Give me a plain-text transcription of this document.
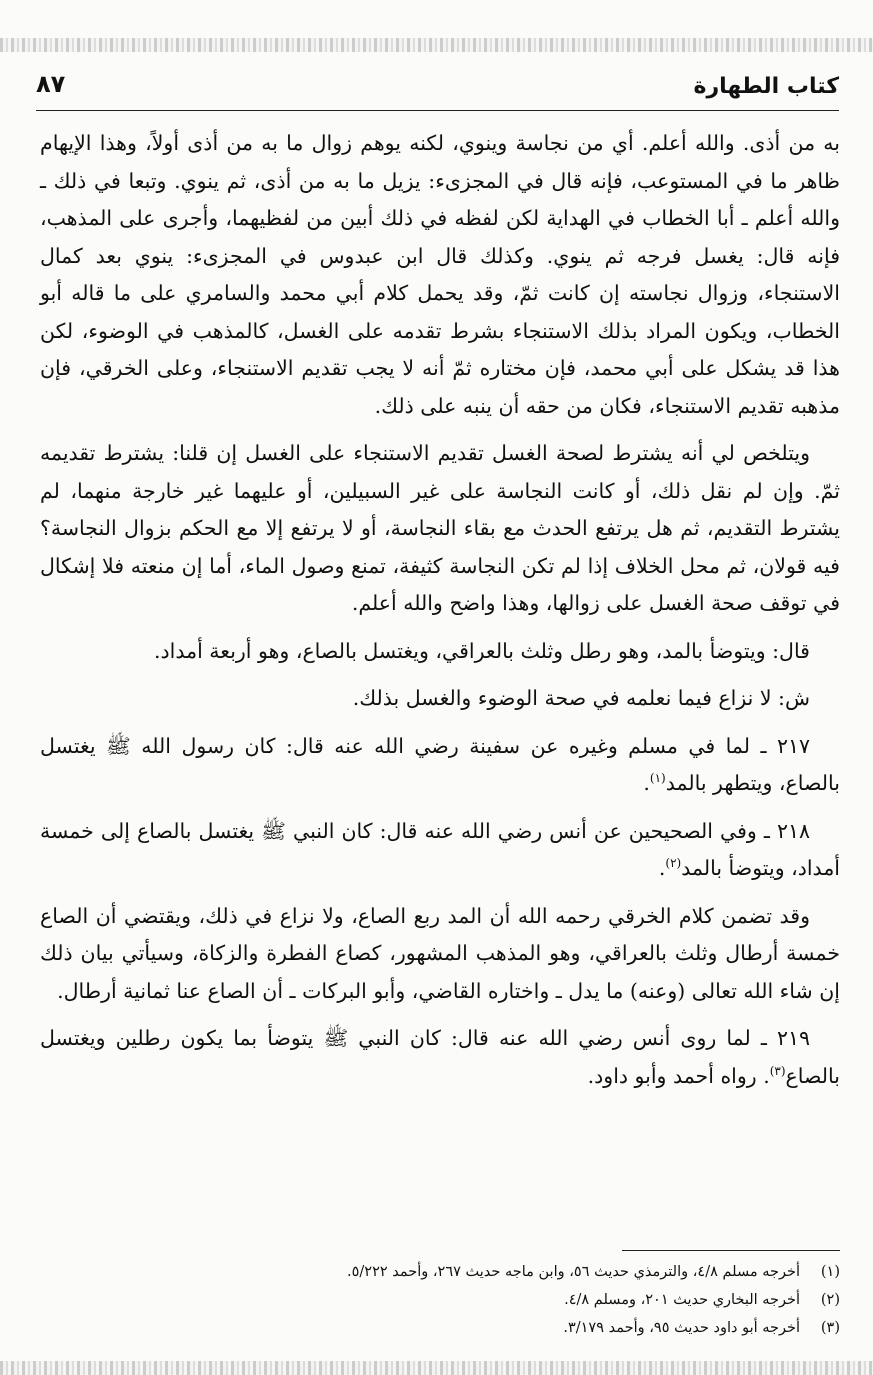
كتاب الطهارة
٨٧

به من أذى. والله أعلم. أي من نجاسة وينوي، لكنه يوهم زوال ما به من أذى أولاً، وهذا الإيهام ظاهر ما في المستوعب، فإنه قال في المجزىء: يزيل ما به من أذى، ثم ينوي. وتبعا في ذلك ـ والله أعلم ـ أبا الخطاب في الهداية لكن لفظه في ذلك أبين من لفظيهما، وأجرى على المذهب، فإنه قال: يغسل فرجه ثم ينوي. وكذلك قال ابن عبدوس في المجزىء: ينوي بعد كمال الاستنجاء، وزوال نجاسته إن كانت ثمّ، وقد يحمل كلام أبي محمد والسامري على ما قاله أبو الخطاب، ويكون المراد بذلك الاستنجاء بشرط تقدمه على الغسل، كالمذهب في الوضوء، لكن هذا قد يشكل على أبي محمد، فإن مختاره ثمّ أنه لا يجب تقديم الاستنجاء، وعلى الخرقي، فإن مذهبه تقديم الاستنجاء، فكان من حقه أن ينبه على ذلك.

ويتلخص لي أنه يشترط لصحة الغسل تقديم الاستنجاء على الغسل إن قلنا: يشترط تقديمه ثمّ. وإن لم نقل ذلك، أو كانت النجاسة على غير السبيلين، أو عليهما غير خارجة منهما، لم يشترط التقديم، ثم هل يرتفع الحدث مع بقاء النجاسة، أو لا يرتفع إلا مع الحكم بزوال النجاسة؟ فيه قولان، ثم محل الخلاف إذا لم تكن النجاسة كثيفة، تمنع وصول الماء، أما إن منعته فلا إشكال في توقف صحة الغسل على زوالها، وهذا واضح والله أعلم.

قال: ويتوضأ بالمد، وهو رطل وثلث بالعراقي، ويغتسل بالصاع، وهو أربعة أمداد.

ش: لا نزاع فيما نعلمه في صحة الوضوء والغسل بذلك.

٢١٧ ـ لما في مسلم وغيره عن سفينة رضي الله عنه قال: كان رسول الله ﷺ يغتسل بالصاع، ويتطهر بالمد$^{(١)}$.

٢١٨ ـ وفي الصحيحين عن أنس رضي الله عنه قال: كان النبي ﷺ يغتسل بالصاع إلى خمسة أمداد، ويتوضأ بالمد$^{(٢)}$.

وقد تضمن كلام الخرقي رحمه الله أن المد ربع الصاع، ولا نزاع في ذلك، ويقتضي أن الصاع خمسة أرطال وثلث بالعراقي، وهو المذهب المشهور، كصاع الفطرة والزكاة، وسيأتي بيان ذلك إن شاء الله تعالى (وعنه) ما يدل ـ واختاره القاضي، وأبو البركات ـ أن الصاع عنا ثمانية أرطال.

٢١٩ ـ لما روى أنس رضي الله عنه قال: كان النبي ﷺ يتوضأ بما يكون رطلين ويغتسل بالصاع$^{(٣)}$. رواه أحمد وأبو داود.

(١)
أخرجه مسلم ٤/٨، والترمذي حديث ٥٦، وابن ماجه حديث ٢٦٧، وأحمد ٥/٢٢٢.
(٢)
أخرجه البخاري حديث ٢٠١، ومسلم ٤/٨.
(٣)
أخرجه أبو داود حديث ٩٥، وأحمد ٣/١٧٩.
